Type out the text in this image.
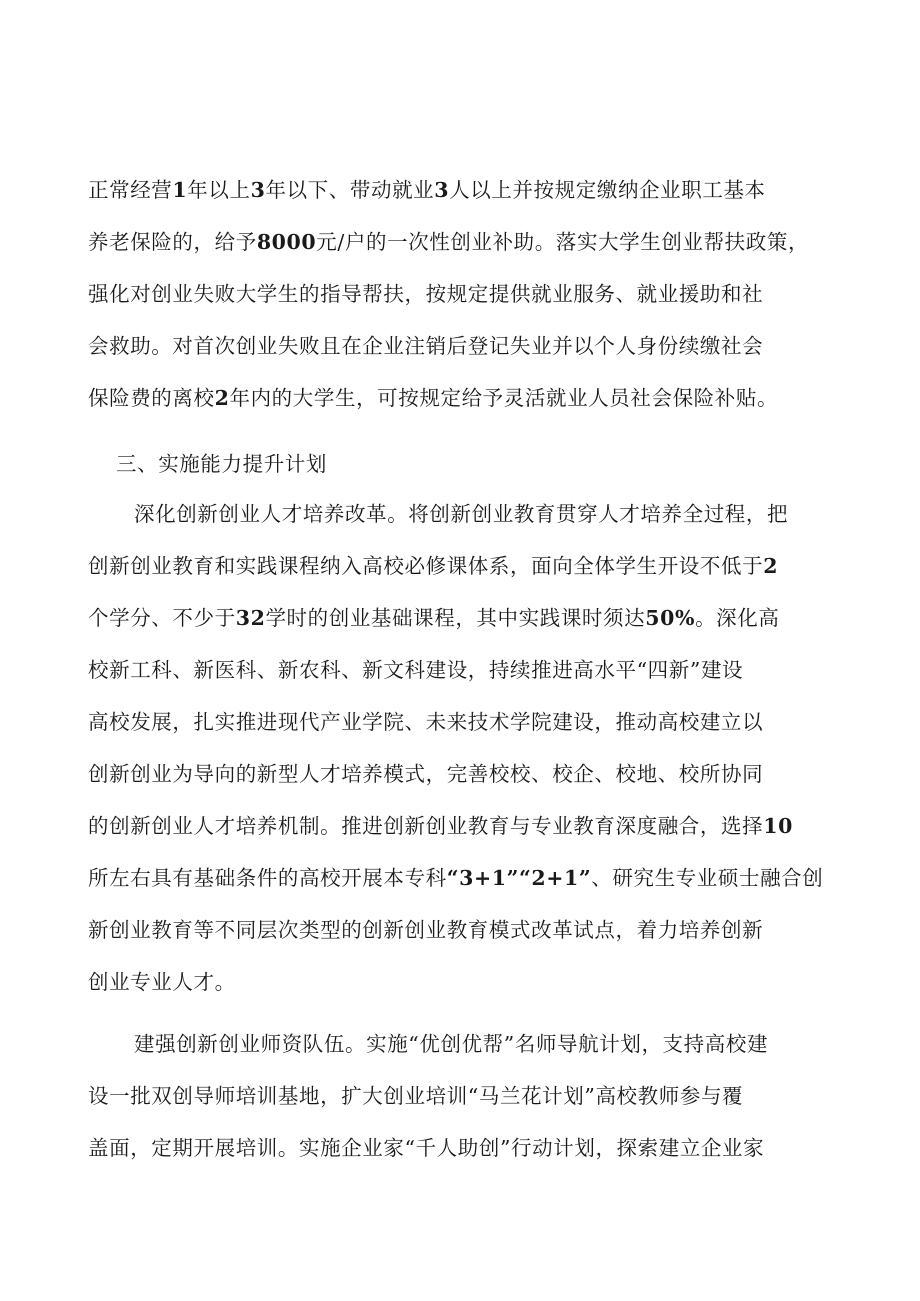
正常经营1年以上3年以下、带动就业3人以上并按规定缴纳企业职工基本
养老保险的，给予8000元/户的一次性创业补助。落实大学生创业帮扶政策，
强化对创业失败大学生的指导帮扶，按规定提供就业服务、就业援助和社
会救助。对首次创业失败且在企业注销后登记失业并以个人身份续缴社会
保险费的离校2年内的大学生，可按规定给予灵活就业人员社会保险补贴。
三、实施能力提升计划
深化创新创业人才培养改革。将创新创业教育贯穿人才培养全过程，把
创新创业教育和实践课程纳入高校必修课体系，面向全体学生开设不低于2
个学分、不少于32学时的创业基础课程，其中实践课时须达50%。深化高
校新工科、新医科、新农科、新文科建设，持续推进高水平“四新”建设
高校发展，扎实推进现代产业学院、未来技术学院建设，推动高校建立以
创新创业为导向的新型人才培养模式，完善校校、校企、校地、校所协同
的创新创业人才培养机制。推进创新创业教育与专业教育深度融合，选择10
所左右具有基础条件的高校开展本专科“3+1”“2+1”、研究生专业硕士融合创
新创业教育等不同层次类型的创新创业教育模式改革试点，着力培养创新
创业专业人才。
建强创新创业师资队伍。实施“优创优帮”名师导航计划，支持高校建
设一批双创导师培训基地，扩大创业培训“马兰花计划”高校教师参与覆
盖面，定期开展培训。实施企业家“千人助创”行动计划，探索建立企业家
